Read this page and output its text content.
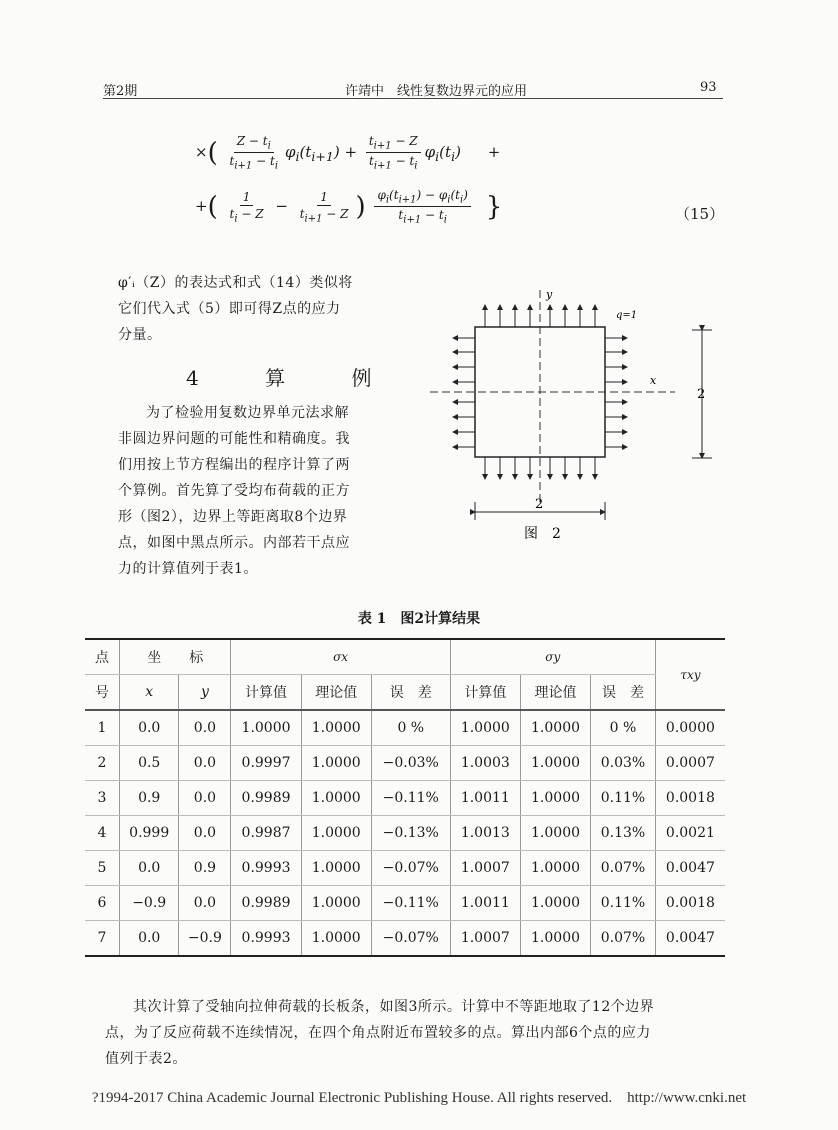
第2期	许靖中　线性复数边界元的应用	93
×( $\frac{Z - t_i}{t_{i+1} - t_i} \varphi_i(t_{i+1}) + \frac{t_{i+1} - Z}{t_{i+1} - t_i} \varphi_i(t_i)$ +
+( $\frac{1}{t_i - Z} - \frac{1}{t_{i+1} - Z}$ ) $\frac{\varphi_i(t_{i+1}) - \varphi_i(t_i)}{t_{i+1} - t_i}$ }	（15）
φ′ᵢ（Z）的表达式和式（14）类似将
它们代入式（5）即可得Z点的应力
分量。
4 算 例
为了检验用复数边界单元法求解
非圆边界问题的可能性和精确度。我
们用按上节方程编出的程序计算了两
个算例。首先算了受均布荷载的正方
形（图2），边界上等距离取8个边界
点，如图中黑点所示。内部若干点应
力的计算值列于表1。
y
x
q=1
2
2
图　2
表 1　图2计算结果
点	坐　　标		σx			σy			τxy
号	x	y	计算值	理论值	误　差	计算值	理论值	误　差	
1	0.0	0.0	1.0000	1.0000	0 %	1.0000	1.0000	0 %	0.0000
2	0.5	0.0	0.9997	1.0000	−0.03%	1.0003	1.0000	0.03%	0.0007
3	0.9	0.0	0.9989	1.0000	−0.11%	1.0011	1.0000	0.11%	0.0018
4	0.999	0.0	0.9987	1.0000	−0.13%	1.0013	1.0000	0.13%	0.0021
5	0.0	0.9	0.9993	1.0000	−0.07%	1.0007	1.0000	0.07%	0.0047
6	−0.9	0.0	0.9989	1.0000	−0.11%	1.0011	1.0000	0.11%	0.0018
7	0.0	−0.9	0.9993	1.0000	−0.07%	1.0007	1.0000	0.07%	0.0047
其次计算了受轴向拉伸荷载的长板条，如图3所示。计算中不等距地取了12个边界
点，为了反应荷载不连续情况，在四个角点附近布置较多的点。算出内部6个点的应力
值列于表2。
?1994-2017 China Academic Journal Electronic Publishing House. All rights reserved.　http://www.cnki.net
